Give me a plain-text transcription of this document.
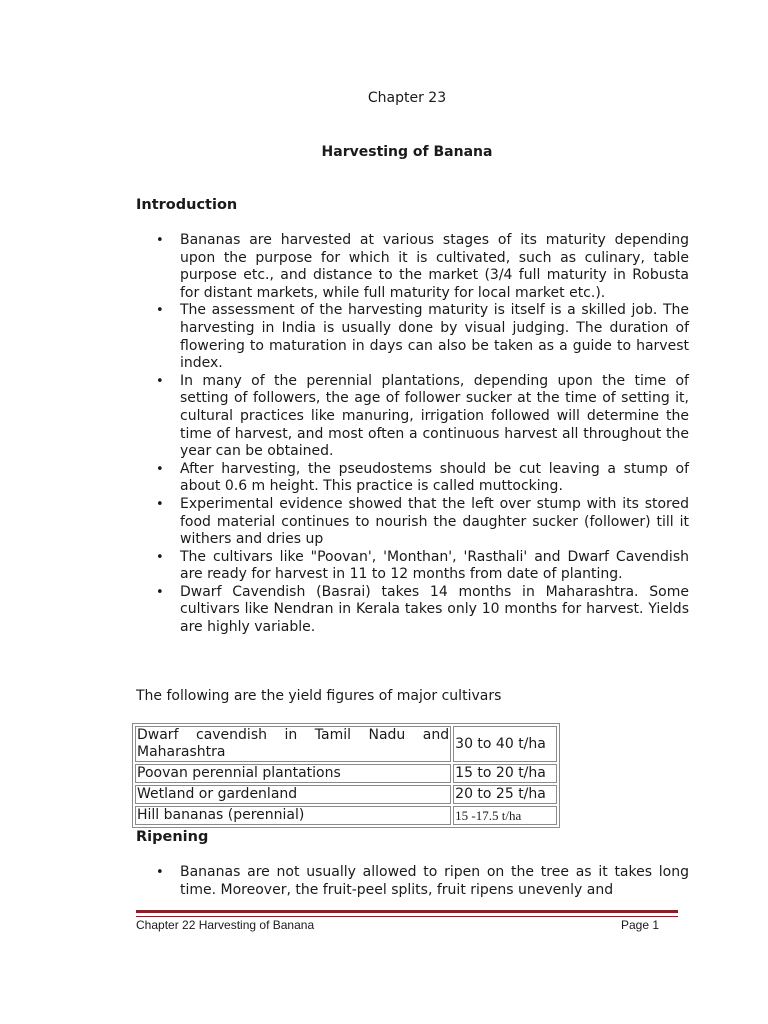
Chapter 23
Harvesting of Banana
Introduction
• Bananas are harvested at various stages of its maturity depending upon the purpose for which it is cultivated, such as culinary, table purpose etc., and distance to the market (3/4 full maturity in Robusta for distant markets, while full maturity for local market etc.).
• The assessment of the harvesting maturity is itself is a skilled job. The harvesting in India is usually done by visual judging. The duration of flowering to maturation in days can also be taken as a guide to harvest index.
• In many of the perennial plantations, depending upon the time of setting of followers, the age of follower sucker at the time of setting it, cultural practices like manuring, irrigation followed will determine the time of harvest, and most often a continuous harvest all throughout the year can be obtained.
• After harvesting, the pseudostems should be cut leaving a stump of about 0.6 m height. This practice is called muttocking.
• Experimental evidence showed that the left over stump with its stored food material continues to nourish the daughter sucker (follower) till it withers and dries up
• The cultivars like "Poovan', 'Monthan', 'Rasthali' and Dwarf Cavendish are ready for harvest in 11 to 12 months from date of planting.
• Dwarf Cavendish (Basrai) takes 14 months in Maharashtra. Some cultivars like Nendran in Kerala takes only 10 months for harvest. Yields are highly variable.
The following are the yield figures of major cultivars
Dwarf cavendish in Tamil Nadu and Maharashtra	30 to 40 t/ha
Poovan perennial plantations	15 to 20 t/ha
Wetland or gardenland	20 to 25 t/ha
Hill bananas (perennial)	15 -17.5 t/ha
Ripening
• Bananas are not usually allowed to ripen on the tree as it takes long time. Moreover, the fruit-peel splits, fruit ripens unevenly and
Chapter 22 Harvesting of Banana	Page 1
